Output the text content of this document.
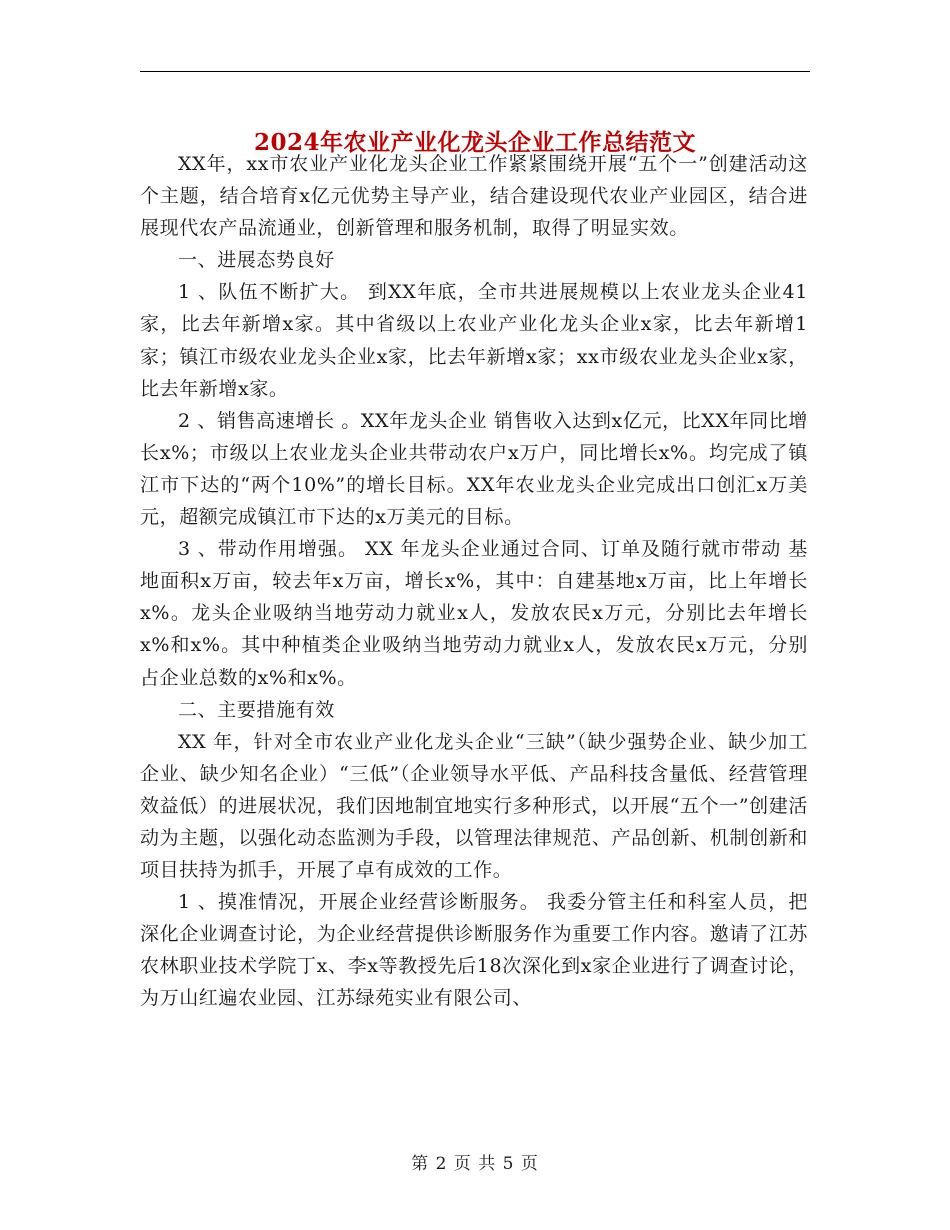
2024年农业产业化龙头企业工作总结范文

XX年，xx市农业产业化龙头企业工作紧紧围绕开展“五个一”创建活动这个主题，结合培育x亿元优势主导产业，结合建设现代农业产业园区，结合进展现代农产品流通业，创新管理和服务机制，取得了明显实效。

一、进展态势良好

1 、队伍不断扩大。 到XX年底，全市共进展规模以上农业龙头企业41家，比去年新增x家。其中省级以上农业产业化龙头企业x家，比去年新增1家；镇江市级农业龙头企业x家，比去年新增x家；xx市级农业龙头企业x家，比去年新增x家。

2 、销售高速增长 。XX年龙头企业 销售收入达到x亿元，比XX年同比增长x%；市级以上农业龙头企业共带动农户x万户，同比增长x%。均完成了镇江市下达的“两个10%”的增长目标。XX年农业龙头企业完成出口创汇x万美元，超额完成镇江市下达的x万美元的目标。

3 、带动作用增强。 XX 年龙头企业通过合同、订单及随行就市带动 基地面积x万亩，较去年x万亩，增长x%，其中：自建基地x万亩，比上年增长x%。龙头企业吸纳当地劳动力就业x人，发放农民x万元，分别比去年增长x%和x%。其中种植类企业吸纳当地劳动力就业x人，发放农民x万元，分别占企业总数的x%和x%。

二、主要措施有效

XX 年，针对全市农业产业化龙头企业“三缺”（缺少强势企业、缺少加工企业、缺少知名企业）“三低”（企业领导水平低、产品科技含量低、经营管理效益低）的进展状况，我们因地制宜地实行多种形式，以开展“五个一”创建活动为主题，以强化动态监测为手段，以管理法律规范、产品创新、机制创新和项目扶持为抓手，开展了卓有成效的工作。

1 、摸准情况，开展企业经营诊断服务。 我委分管主任和科室人员，把深化企业调查讨论，为企业经营提供诊断服务作为重要工作内容。邀请了江苏农林职业技术学院丁x、李x等教授先后18次深化到x家企业进行了调查讨论，为万山红遍农业园、江苏绿苑实业有限公司、

第 2 页 共 5 页
